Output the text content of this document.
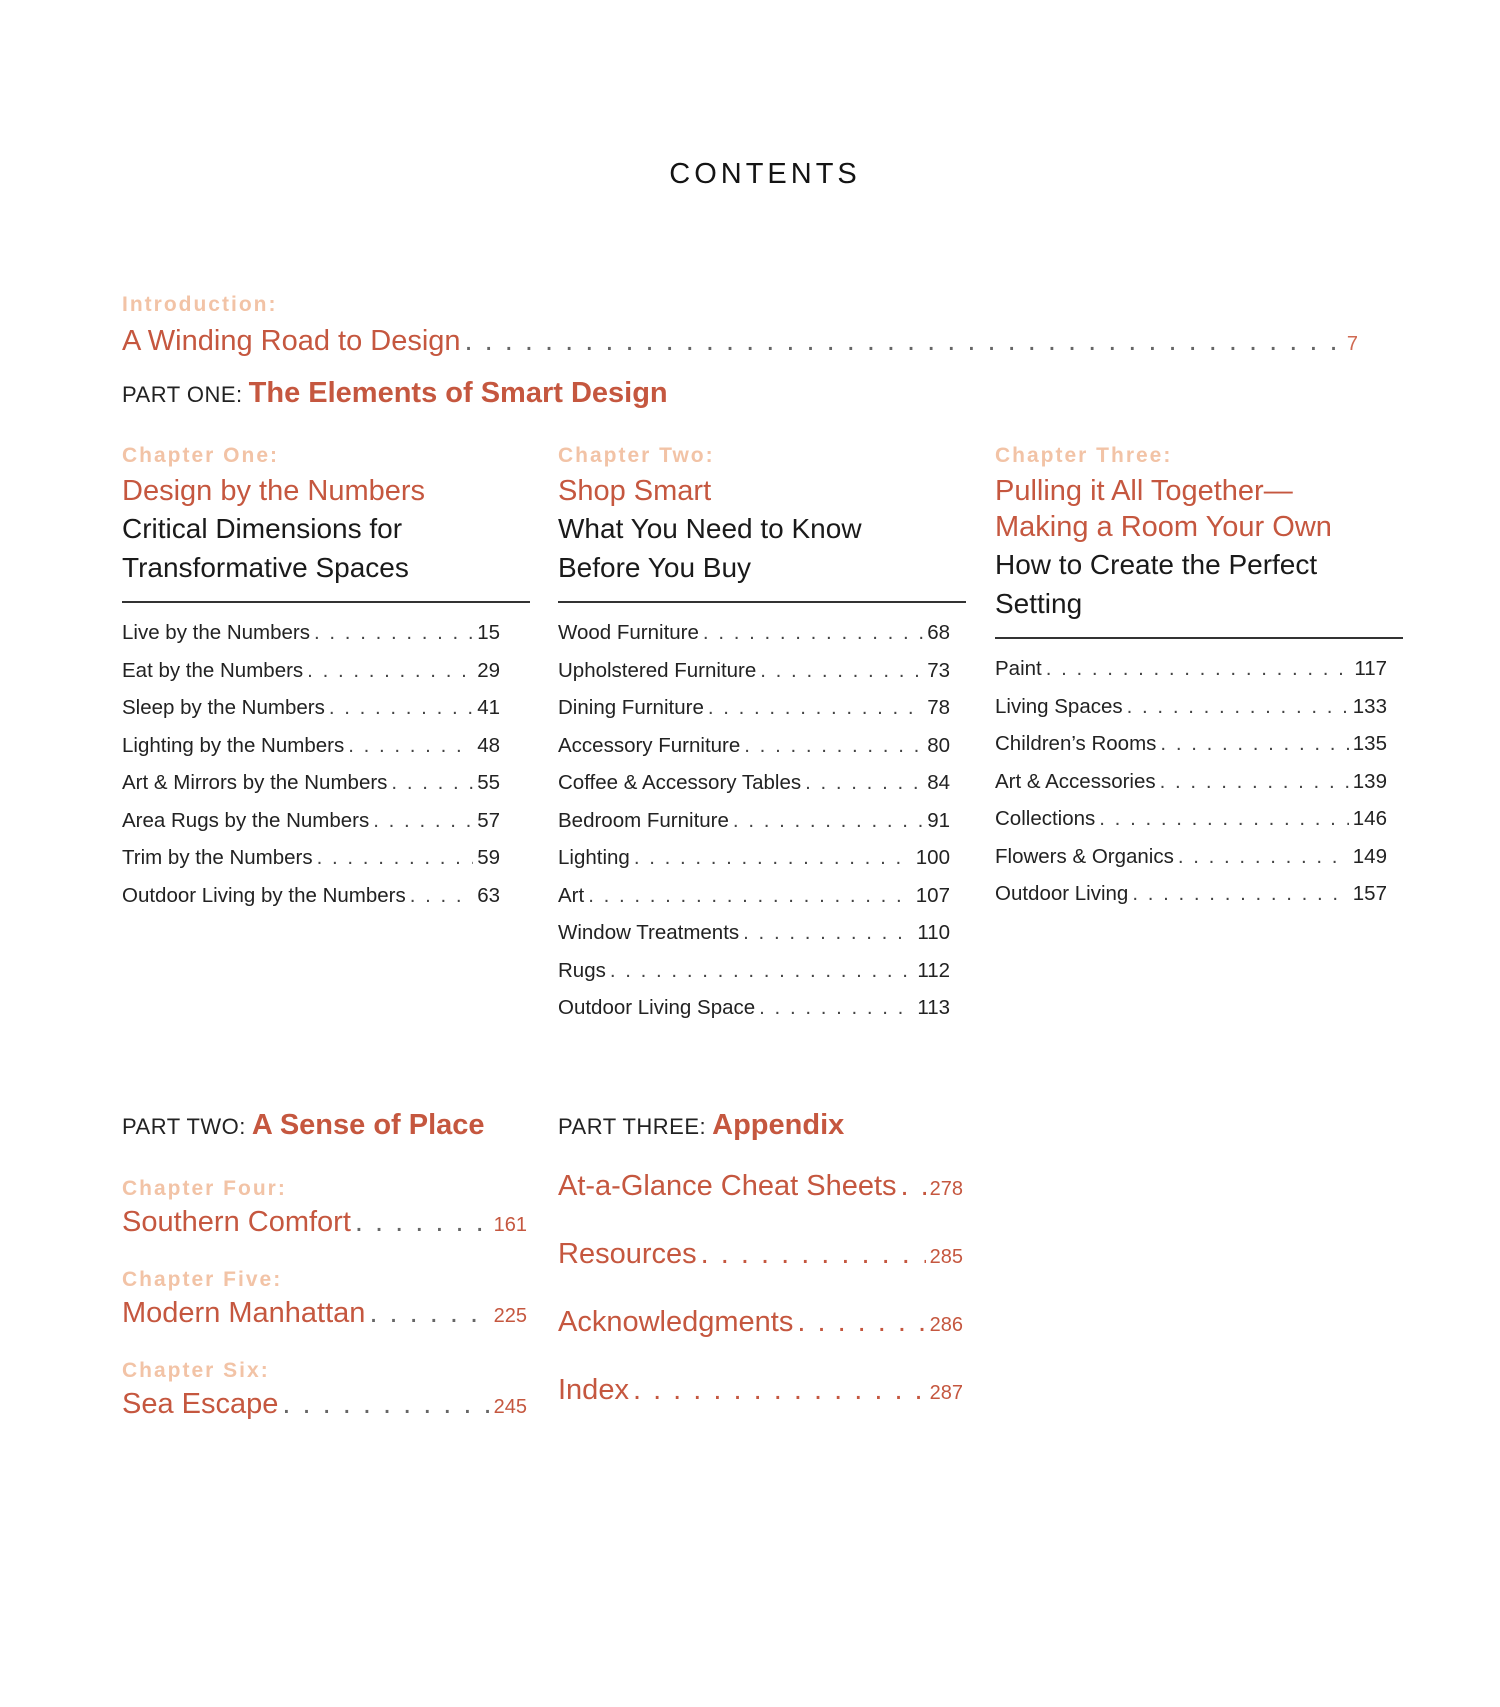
CONTENTS
Introduction:
A Winding Road to Design . . .	7
PART ONE: The Elements of Smart Design
Chapter One:
Design by the Numbers
Critical Dimensions for
Transformative Spaces
Live by the Numbers . . .	15
Eat by the Numbers . . .	29
Sleep by the Numbers . . .	41
Lighting by the Numbers . . .	48
Art & Mirrors by the Numbers . . .	55
Area Rugs by the Numbers . . .	57
Trim by the Numbers . . .	59
Outdoor Living by the Numbers . . .	63
Chapter Two:
Shop Smart
What You Need to Know
Before You Buy
Wood Furniture . . .	68
Upholstered Furniture . . .	73
Dining Furniture . . .	78
Accessory Furniture . . .	80
Coffee & Accessory Tables . . .	84
Bedroom Furniture . . .	91
Lighting . . .	100
Art . . .	107
Window Treatments . . .	110
Rugs . . .	112
Outdoor Living Space . . .	113
Chapter Three:
Pulling it All Together—
Making a Room Your Own
How to Create the Perfect
Setting
Paint . . .	117
Living Spaces . . .	133
Children’s Rooms . . .	135
Art & Accessories . . .	139
Collections . . .	146
Flowers & Organics . . .	149
Outdoor Living . . .	157
PART TWO: A Sense of Place	PART THREE: Appendix
Chapter Four:
Southern Comfort . . .	161
Chapter Five:
Modern Manhattan . . .	225
Chapter Six:
Sea Escape . . .	245
At-a-Glance Cheat Sheets . . . 278
Resources . . .	285
Acknowledgments . . .	286
Index . . .	287
